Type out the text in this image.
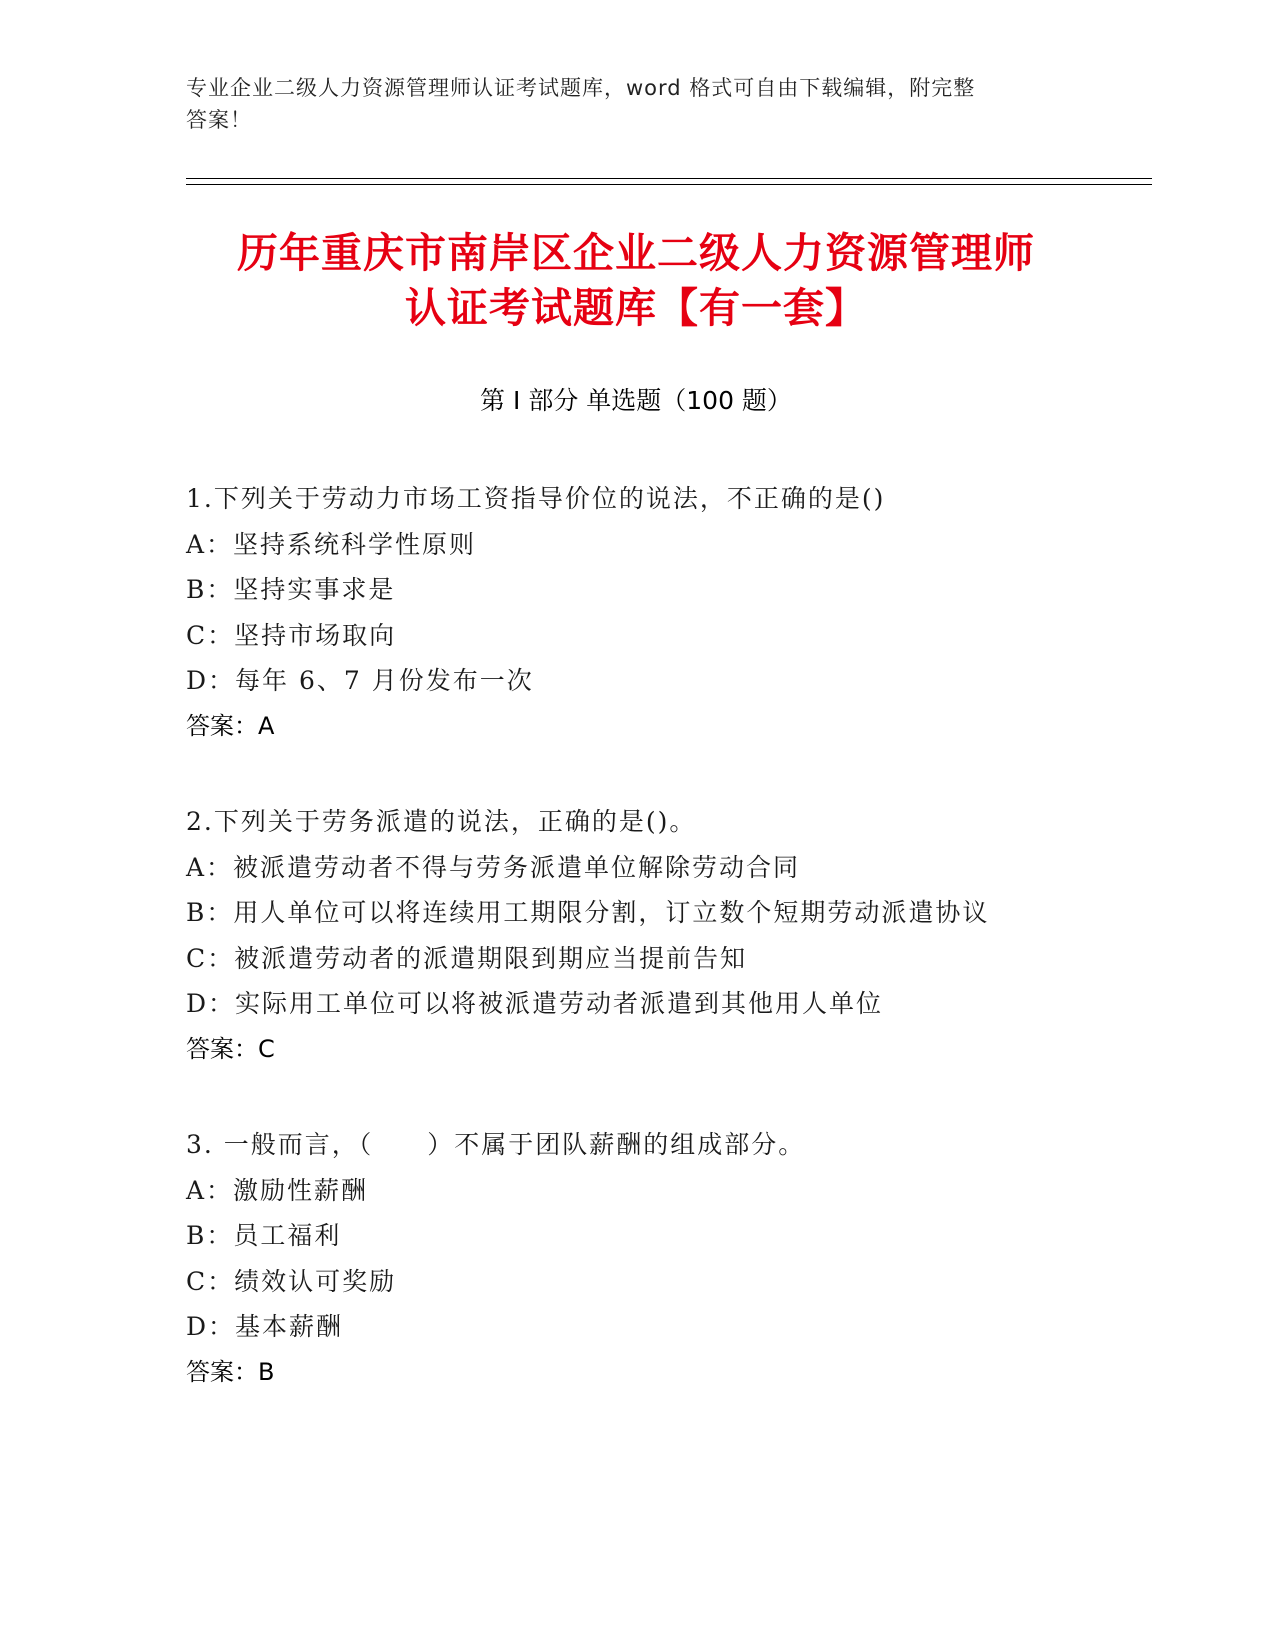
专业企业二级人力资源管理师认证考试题库，word 格式可自由下载编辑，附完整
答案！
历年重庆市南岸区企业二级人力资源管理师
认证考试题库【有一套】
第 I 部分 单选题（100 题）
1.下列关于劳动力市场工资指导价位的说法，不正确的是()
A：坚持系统科学性原则
B：坚持实事求是
C：坚持市场取向
D：每年 6、7 月份发布一次
答案：A
2.下列关于劳务派遣的说法，正确的是()。
A：被派遣劳动者不得与劳务派遣单位解除劳动合同
B：用人单位可以将连续用工期限分割，订立数个短期劳动派遣协议
C：被派遣劳动者的派遣期限到期应当提前告知
D：实际用工单位可以将被派遣劳动者派遣到其他用人单位
答案：C
3. 一般而言，（　　）不属于团队薪酬的组成部分。
A：激励性薪酬
B：员工福利
C：绩效认可奖励
D：基本薪酬
答案：B
